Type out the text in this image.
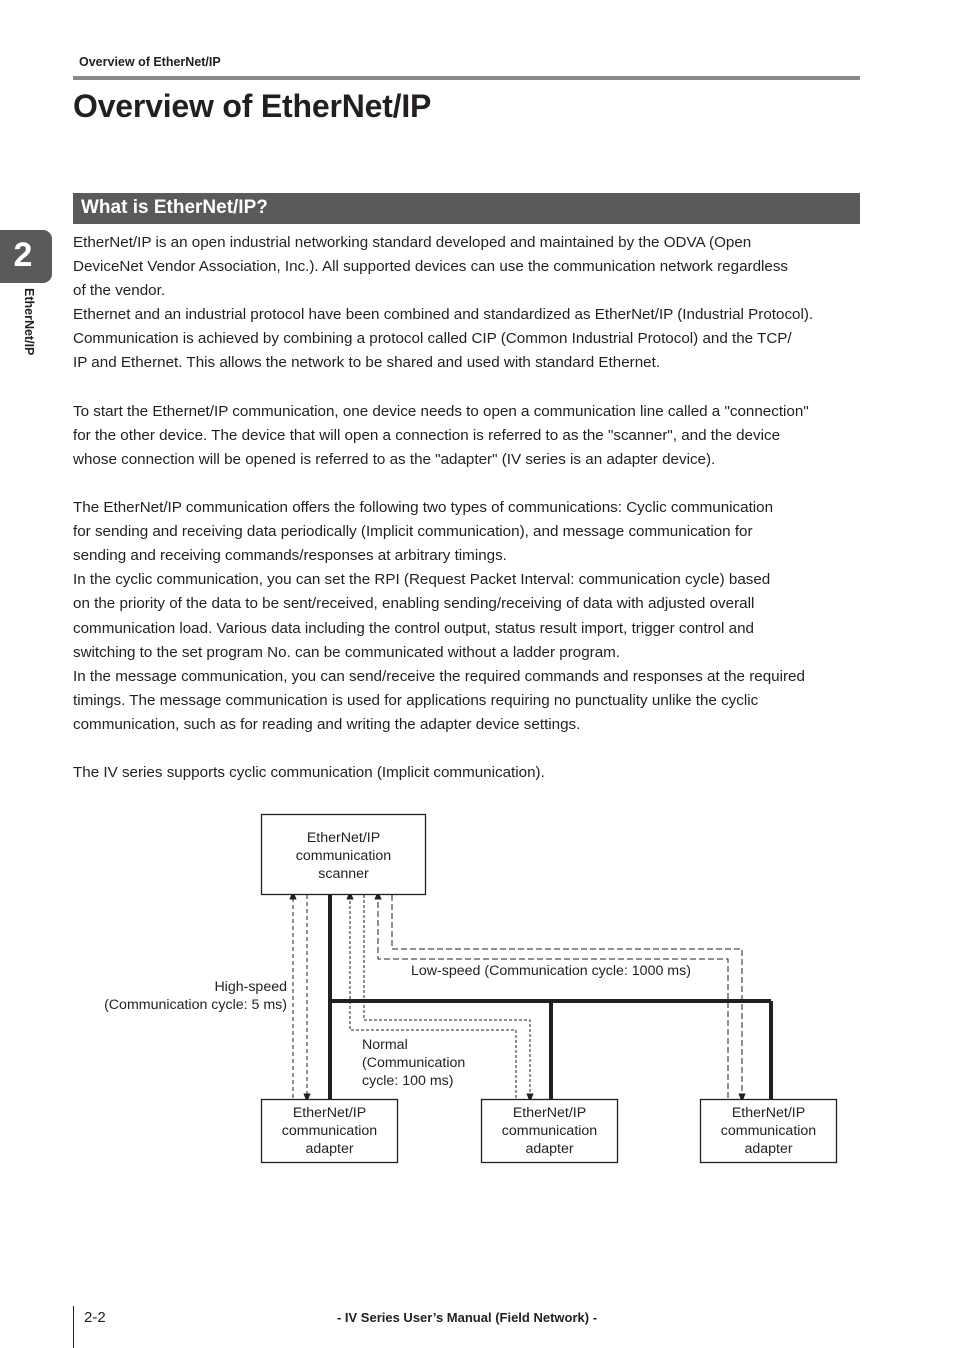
Overview of EtherNet/IP
Overview of EtherNet/IP
2
EtherNet/IP
What is EtherNet/IP?

EtherNet/IP is an open industrial networking standard developed and maintained by the ODVA (Open

DeviceNet Vendor Association, Inc.). All supported devices can use the communication network regardless

of the vendor.

Ethernet and an industrial protocol have been combined and standardized as EtherNet/IP (Industrial Protocol).

Communication is achieved by combining a protocol called CIP (Common Industrial Protocol) and the TCP/

IP and Ethernet. This allows the network to be shared and used with standard Ethernet.

To start the Ethernet/IP communication, one device needs to open a communication line called a "connection"

for the other device. The device that will open a connection is referred to as the "scanner", and the device

whose connection will be opened is referred to as the "adapter" (IV series is an adapter device).

The EtherNet/IP communication offers the following two types of communications: Cyclic communication

for sending and receiving data periodically (Implicit communication), and message communication for

sending and receiving commands/responses at arbitrary timings.

In the cyclic communication, you can set the RPI (Request Packet Interval: communication cycle) based

on the priority of the data to be sent/received, enabling sending/receiving of data with adjusted overall

communication load. Various data including the control output, status result import, trigger control and

switching to the set program No. can be communicated without a ladder program.

In the message communication, you can send/receive the required commands and responses at the required

timings. The message communication is used for applications requiring no punctuality unlike the cyclic

communication, such as for reading and writing the adapter device settings.

The IV series supports cyclic communication (Implicit communication).

EtherNet/IP
communication
scanner
EtherNet/IP
communication
adapter
EtherNet/IP
communication
adapter
EtherNet/IP
communication
adapter
High-speed
(Communication cycle: 5 ms)
Normal
(Communication
cycle: 100 ms)
Low-speed (Communication cycle: 1000 ms)
2-2	- IV Series User’s Manual (Field Network) -
